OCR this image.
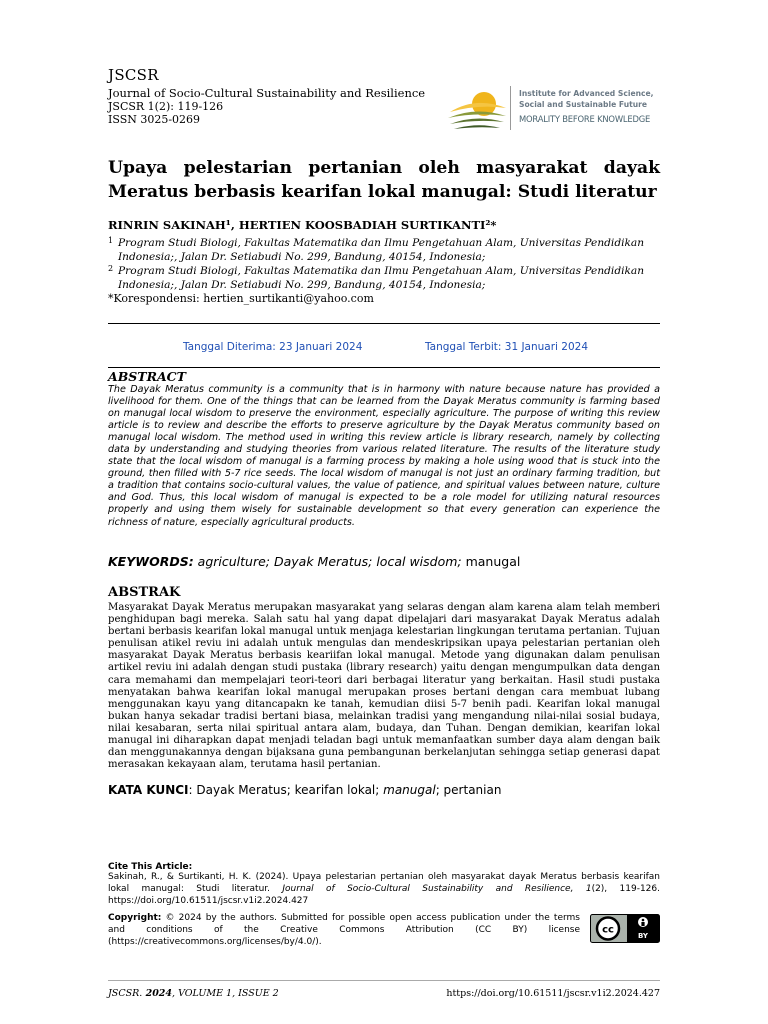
JSCSR
Journal of Socio-Cultural Sustainability and Resilience
JSCSR 1(2): 119-126
ISSN 3025-0269
Institute for Advanced Science,
Social and Sustainable Future
MORALITY BEFORE KNOWLEDGE
Upaya pelestarian pertanian oleh masyarakat dayak Meratus berbasis kearifan lokal manugal: Studi literatur
RINRIN SAKINAH¹, HERTIEN KOOSBADIAH SURTIKANTI²*
1 Program Studi Biologi, Fakultas Matematika dan Ilmu Pengetahuan Alam, Universitas Pendidikan Indonesia;, Jalan Dr. Setiabudi No. 299, Bandung, 40154, Indonesia;
2 Program Studi Biologi, Fakultas Matematika dan Ilmu Pengetahuan Alam, Universitas Pendidikan Indonesia;, Jalan Dr. Setiabudi No. 299, Bandung, 40154, Indonesia;
*Korespondensi: hertien_surtikanti@yahoo.com
Tanggal Diterima: 23 Januari 2024	Tanggal Terbit: 31 Januari 2024
ABSTRACT
The Dayak Meratus community is a community that is in harmony with nature because nature has provided a livelihood for them. One of the things that can be learned from the Dayak Meratus community is farming based on manugal local wisdom to preserve the environment, especially agriculture. The purpose of writing this review article is to review and describe the efforts to preserve agriculture by the Dayak Meratus community based on manugal local wisdom. The method used in writing this review article is library research, namely by collecting data by understanding and studying theories from various related literature. The results of the literature study state that the local wisdom of manugal is a farming process by making a hole using wood that is stuck into the ground, then filled with 5-7 rice seeds. The local wisdom of manugal is not just an ordinary farming tradition, but a tradition that contains socio-cultural values, the value of patience, and spiritual values between nature, culture and God. Thus, this local wisdom of manugal is expected to be a role model for utilizing natural resources properly and using them wisely for sustainable development so that every generation can experience the richness of nature, especially agricultural products.
KEYWORDS: agriculture; Dayak Meratus; local wisdom; manugal
ABSTRAK
Masyarakat Dayak Meratus merupakan masyarakat yang selaras dengan alam karena alam telah memberi penghidupan bagi mereka. Salah satu hal yang dapat dipelajari dari masyarakat Dayak Meratus adalah bertani berbasis kearifan lokal manugal untuk menjaga kelestarian lingkungan terutama pertanian. Tujuan penulisan atikel reviu ini adalah untuk mengulas dan mendeskripsikan upaya pelestarian pertanian oleh masyarakat Dayak Meratus berbasis keariifan lokal manugal. Metode yang digunakan dalam penulisan artikel reviu ini adalah dengan studi pustaka (library research) yaitu dengan mengumpulkan data dengan cara memahami dan mempelajari teori-teori dari berbagai literatur yang berkaitan. Hasil studi pustaka menyatakan bahwa kearifan lokal manugal merupakan proses bertani dengan cara membuat lubang menggunakan kayu yang ditancapakn ke tanah, kemudian diisi 5-7 benih padi. Kearifan lokal manugal bukan hanya sekadar tradisi bertani biasa, melainkan tradisi yang mengandung nilai-nilai sosial budaya, nilai kesabaran, serta nilai spiritual antara alam, budaya, dan Tuhan. Dengan demikian, kearifan lokal manugal ini diharapkan dapat menjadi teladan bagi untuk memanfaatkan sumber daya alam dengan baik dan menggunakannya dengan bijaksana guna pembangunan berkelanjutan sehingga setiap generasi dapat merasakan kekayaan alam, terutama hasil pertanian.
KATA KUNCI: Dayak Meratus; kearifan lokal; manugal; pertanian
Cite This Article:
Sakinah, R., & Surtikanti, H. K. (2024). Upaya pelestarian pertanian oleh masyarakat dayak Meratus berbasis kearifan lokal manugal: Studi literatur. Journal of Socio-Cultural Sustainability and Resilience, 1(2), 119-126. https://doi.org/10.61511/jscsr.v1i2.2024.427
Copyright: © 2024 by the authors. Submitted for possible open access publication under the terms and conditions of the Creative Commons Attribution (CC BY) license (https://creativecommons.org/licenses/by/4.0/).
cc
BY
JSCSR. 2024, VOLUME 1, ISSUE 2	https://doi.org/10.61511/jscsr.v1i2.2024.427
